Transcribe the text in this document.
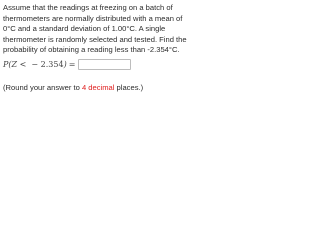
Assume that the readings at freezing on a batch of thermometers are normally distributed with a mean of 0°C and a standard deviation of 1.00°C. A single thermometer is randomly selected and tested. Find the probability of obtaining a reading less than -2.354°C.

P(Z <  − 2.354) =
(Round your answer to 4 decimal places.)
